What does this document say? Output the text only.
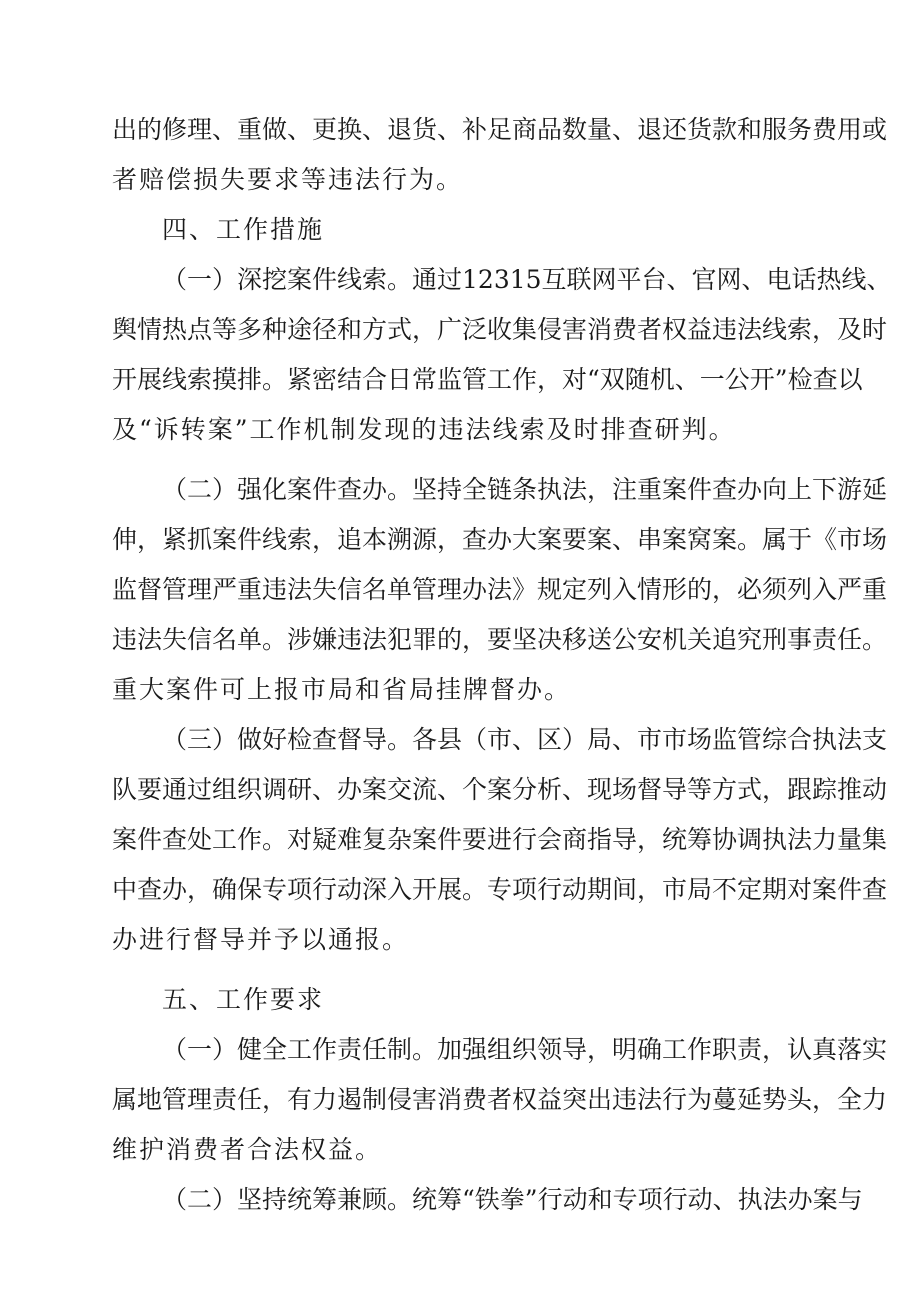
出的修理、重做、更换、退货、补足商品数量、退还货款和服务费用或
者赔偿损失要求等违法行为。
四、工作措施
（一）深挖案件线索。通过12315互联网平台、官网、电话热线、
舆情热点等多种途径和方式，广泛收集侵害消费者权益违法线索，及时
开展线索摸排。紧密结合日常监管工作，对“双随机、一公开”检查以
及“诉转案”工作机制发现的违法线索及时排查研判。
（二）强化案件查办。坚持全链条执法，注重案件查办向上下游延
伸，紧抓案件线索，追本溯源，查办大案要案、串案窝案。属于《市场
监督管理严重违法失信名单管理办法》规定列入情形的，必须列入严重
违法失信名单。涉嫌违法犯罪的，要坚决移送公安机关追究刑事责任。
重大案件可上报市局和省局挂牌督办。
（三）做好检查督导。各县（市、区）局、市市场监管综合执法支
队要通过组织调研、办案交流、个案分析、现场督导等方式，跟踪推动
案件查处工作。对疑难复杂案件要进行会商指导，统筹协调执法力量集
中查办，确保专项行动深入开展。专项行动期间，市局不定期对案件查
办进行督导并予以通报。
五、工作要求
（一）健全工作责任制。加强组织领导，明确工作职责，认真落实
属地管理责任，有力遏制侵害消费者权益突出违法行为蔓延势头，全力
维护消费者合法权益。
（二）坚持统筹兼顾。统筹“铁拳”行动和专项行动、执法办案与
